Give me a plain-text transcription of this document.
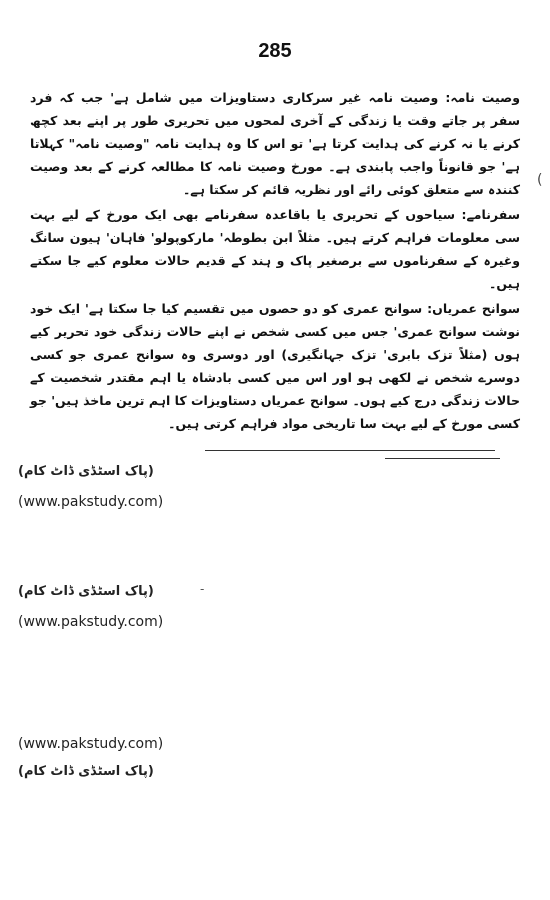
285

وصیت نامہ: وصیت نامہ غیر سرکاری دستاویزات میں شامل ہے' جب کہ فرد سفر پر جاتے وقت یا زندگی کے آخری لمحوں میں تحریری طور پر اپنے بعد کچھ کرنے یا نہ کرنے کی ہدایت کرتا ہے' تو اس کا وہ ہدایت نامہ "وصیت نامہ" کہلاتا ہے' جو قانوناً واجب پابندی ہے۔ مورخ وصیت نامہ کا مطالعہ کرنے کے بعد وصیت کنندہ سے متعلق کوئی رائے اور نظریہ قائم کر سکتا ہے۔

سفرنامے: سیاحوں کے تحریری یا باقاعدہ سفرنامے بھی ایک مورخ کے لیے بہت سی معلومات فراہم کرتے ہیں۔ مثلاً ابن بطوطہ' مارکوپولو' فاہان' ہیون سانگ وغیرہ کے سفرناموں سے برصغیر پاک و ہند کے قدیم حالات معلوم کیے جا سکتے ہیں۔

سوانح عمریاں: سوانح عمری کو دو حصوں میں تقسیم کیا جا سکتا ہے' ایک خود نوشت سوانح عمری' جس میں کسی شخص نے اپنے حالات زندگی خود تحریر کیے ہوں (مثلاً تزک بابری' تزک جہانگیری) اور دوسری وہ سوانح عمری جو کسی دوسرے شخص نے لکھی ہو اور اس میں کسی بادشاہ یا اہم مقتدر شخصیت کے حالات زندگی درج کیے ہوں۔ سوانح عمریاں دستاویزات کا اہم ترین ماخذ ہیں' جو کسی مورخ کے لیے بہت سا تاریخی مواد فراہم کرتی ہیں۔

(
(پاک اسٹڈی ڈاٹ کام)
(www.pakstudy.com)
-
(پاک اسٹڈی ڈاٹ کام)
(www.pakstudy.com)
(www.pakstudy.com)
(پاک اسٹڈی ڈاٹ کام)
